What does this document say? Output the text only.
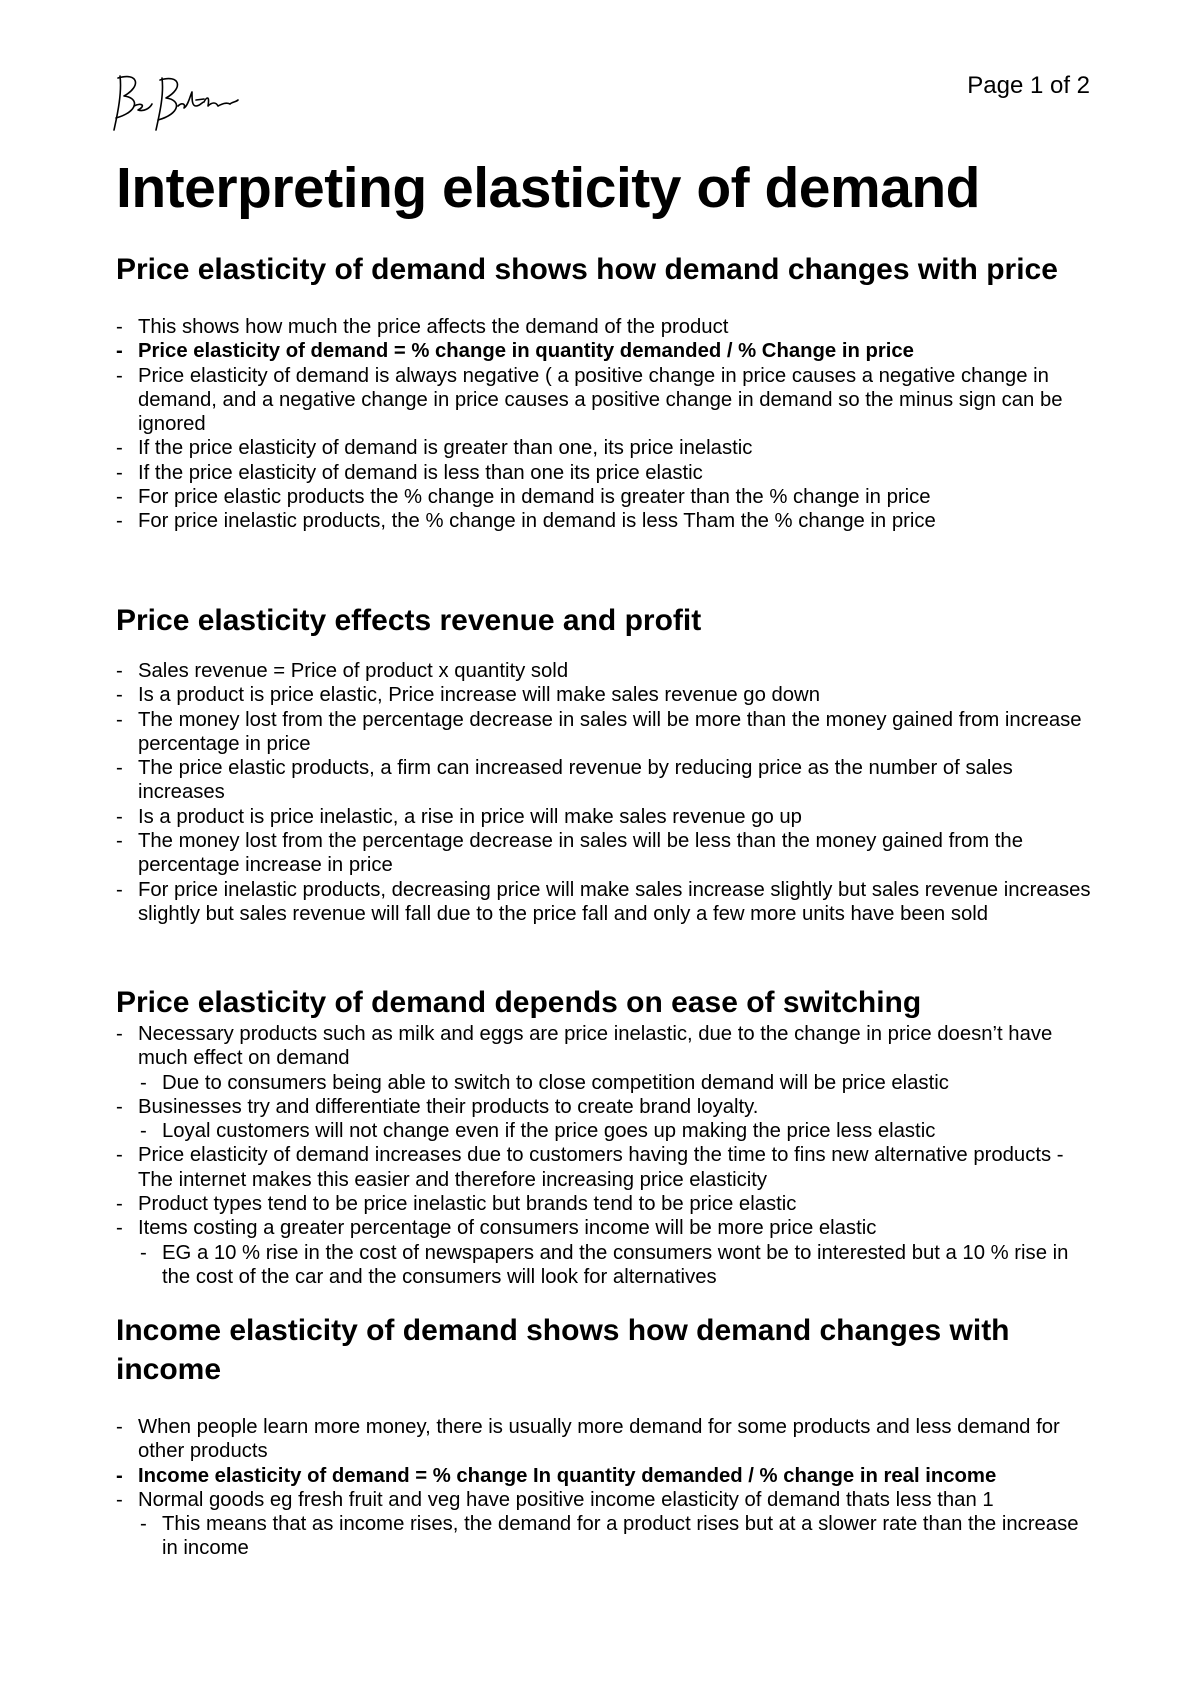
Page 1 of 2
Interpreting elasticity of demand
Price elasticity of demand shows how demand changes with price
- This shows how much the price affects the demand of the product
- Price elasticity of demand = % change in quantity demanded / % Change in price
- Price elasticity of demand is always negative ( a positive change in price causes a negative change in demand, and a negative change in price causes a positive change in demand so the minus sign can be ignored
- If the price elasticity of demand is greater than one, its price inelastic
- If the price elasticity of demand is less than one its price elastic
- For price elastic products the % change in demand is greater than the % change in price
- For price inelastic products, the % change in demand is less Tham the % change in price
Price elasticity effects revenue and profit
- Sales revenue = Price of product x quantity sold
- Is a product is price elastic, Price increase will make sales revenue go down
- The money lost from the percentage decrease in sales will be more than the money gained from increase percentage in price
- The price elastic products, a firm can increased revenue by reducing price as the number of sales increases
- Is a product is price inelastic, a rise in price will make sales revenue go up
- The money lost from the percentage decrease in sales will be less than the money gained from the percentage increase in price
- For price inelastic products, decreasing price will make sales increase slightly but sales revenue increases slightly but sales revenue will fall due to the price fall and only a few more units have been sold
Price elasticity of demand depends on ease of switching
- Necessary products such as milk and eggs are price inelastic, due to the change in price doesn’t have much effect on demand
- Due to consumers being able to switch to close competition demand will be price elastic
- Businesses try and differentiate their products to create brand loyalty.
- Loyal customers will not change even if the price goes up making the price less elastic
- Price elasticity of demand increases due to customers having the time to fins new alternative products - The internet makes this easier and therefore increasing price elasticity
- Product types tend to be price inelastic but brands tend to be price elastic
- Items costing a greater percentage of consumers income will be more price elastic
- EG a 10 % rise in the cost of newspapers and the consumers wont be to interested but a 10 % rise in the cost of the car and the consumers will look for alternatives
Income elasticity of demand shows how demand changes with income
- When people learn more money, there is usually more demand for some products and less demand for other products
- Income elasticity of demand = % change In quantity demanded / % change in real income
- Normal goods eg fresh fruit and veg have positive income elasticity of demand thats less than 1
- This means that as income rises, the demand for a product rises but at a slower rate than the increase in income
